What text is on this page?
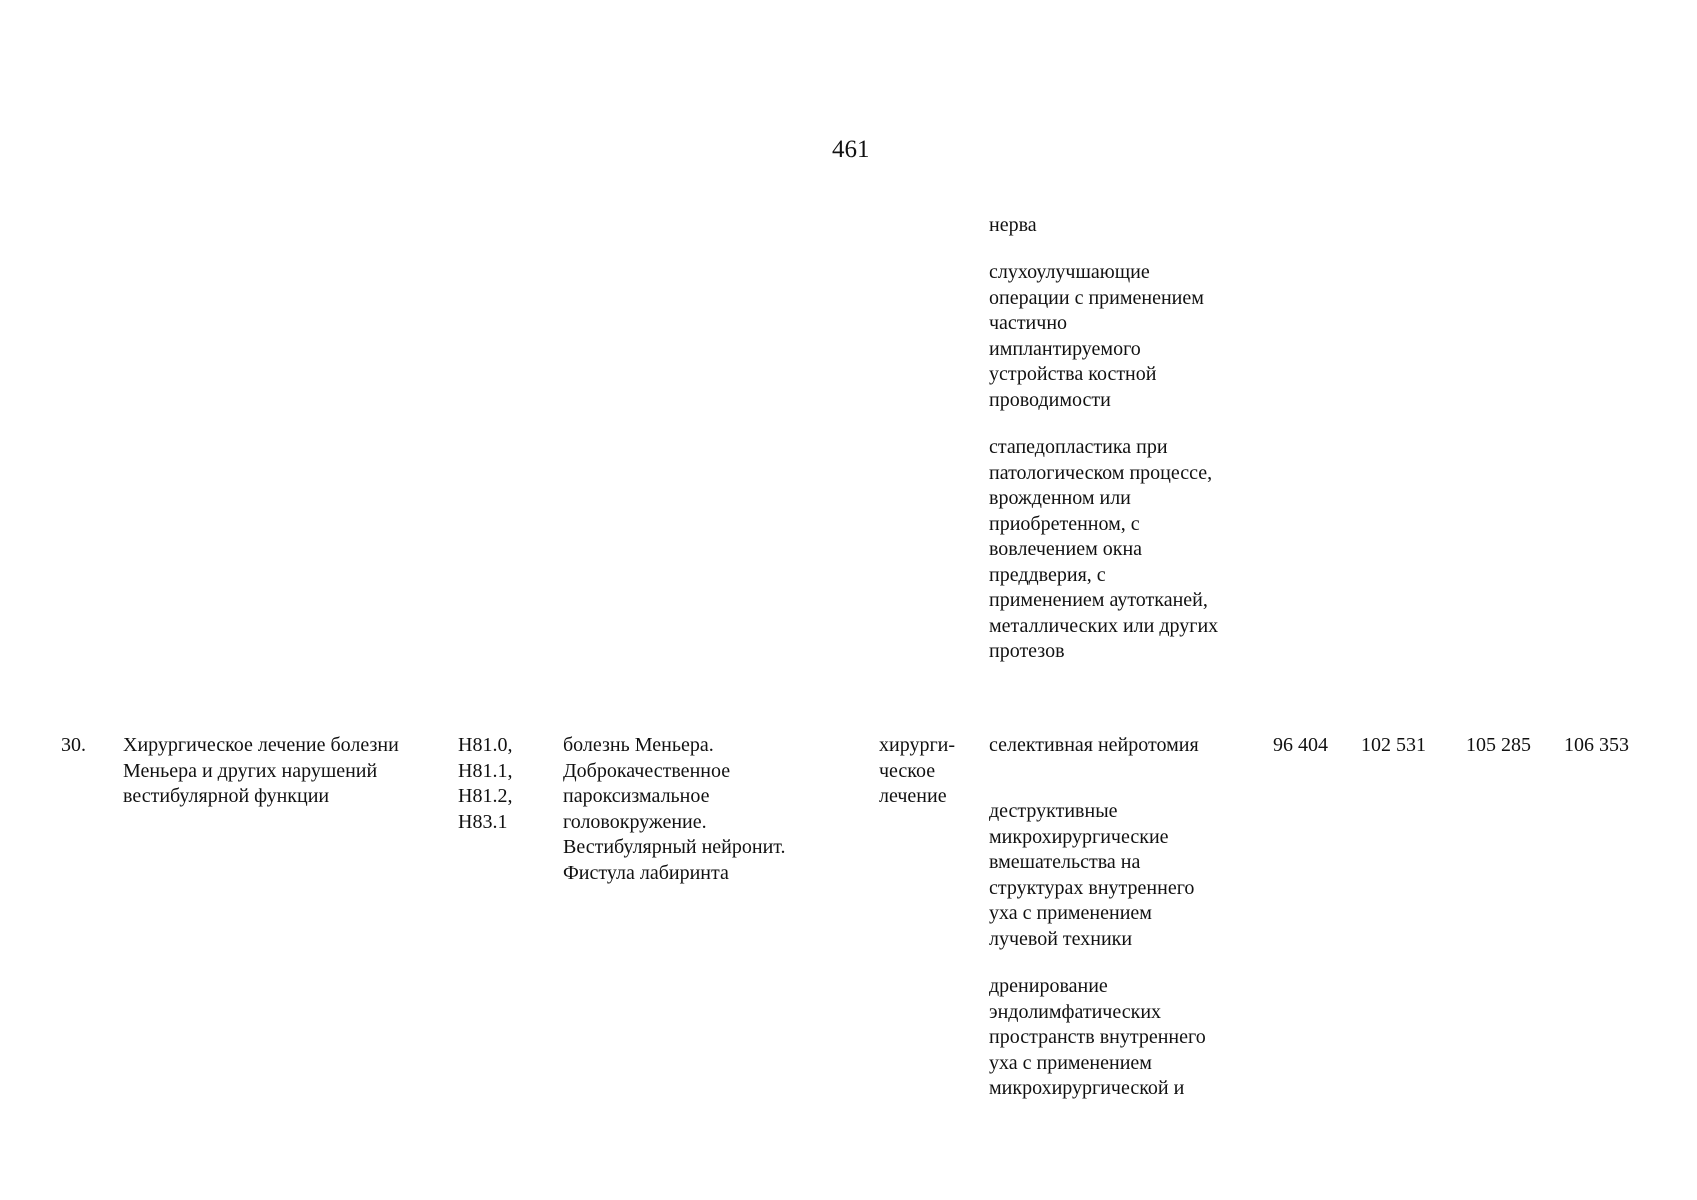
461
нерва
слухоулучшающие
операции с применением
частично
имплантируемого
устройства костной
проводимости
стапедопластика при
патологическом процессе,
врожденном или
приобретенном, с
вовлечением окна
преддверия, с
применением аутотканей,
металлических или других
протезов
30. Хирургическое лечение болезни
Меньера и других нарушений
вестибулярной функции
H81.0,
H81.1,
H81.2,
H83.1
болезнь Меньера.
Доброкачественное
пароксизмальное
головокружение.
Вестибулярный нейронит.
Фистула лабиринта
хирурги-
ческое
лечение
селективная нейротомия
деструктивные
микрохирургические
вмешательства на
структурах внутреннего
уха с применением
лучевой техники
дренирование
эндолимфатических
пространств внутреннего
уха с применением
микрохирургической и
96 404 102 531 105 285 106 353
